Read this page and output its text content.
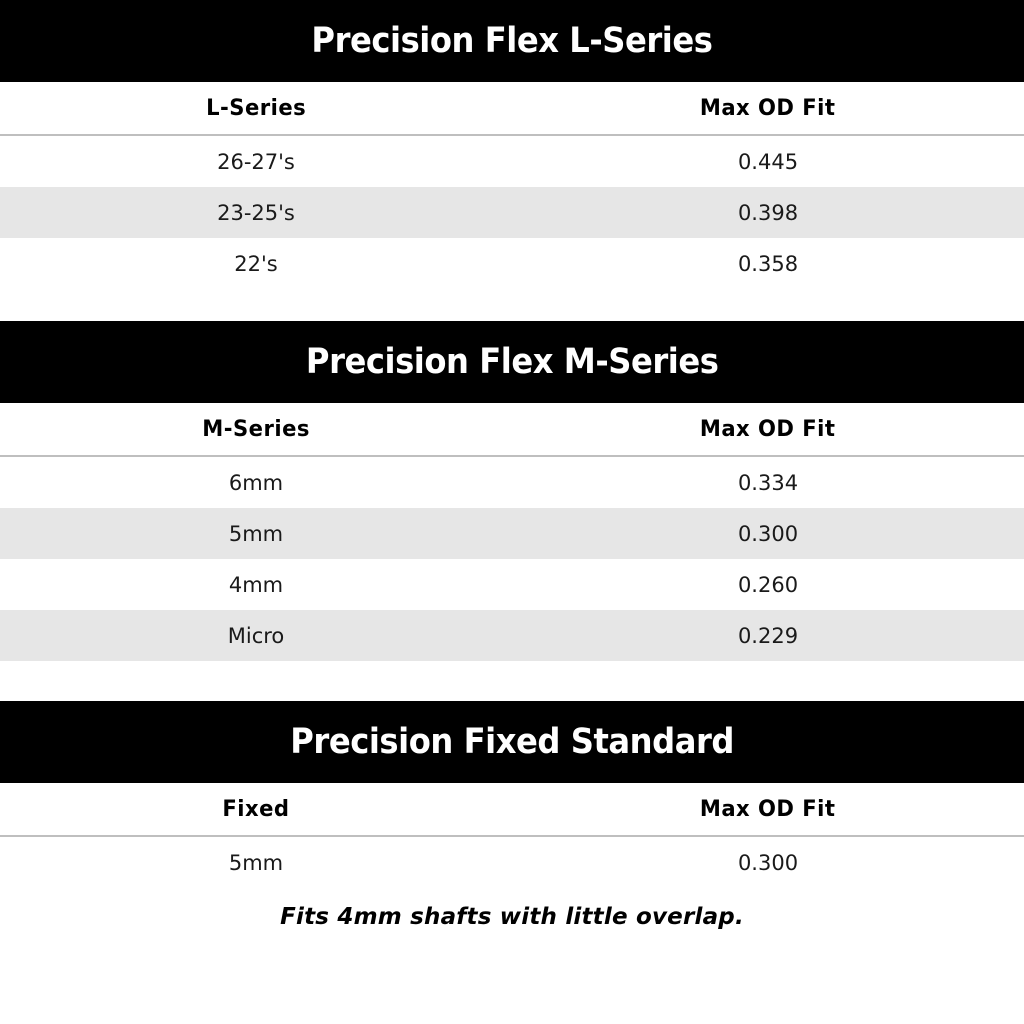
Precision Flex L-Series
L-Series	Max OD Fit
26-27's	0.445
23-25's	0.398
22's	0.358
Precision Flex M-Series
M-Series	Max OD Fit
6mm	0.334
5mm	0.300
4mm	0.260
Micro	0.229
Precision Fixed Standard
Fixed	Max OD Fit
5mm	0.300
Fits 4mm shafts with little overlap.
